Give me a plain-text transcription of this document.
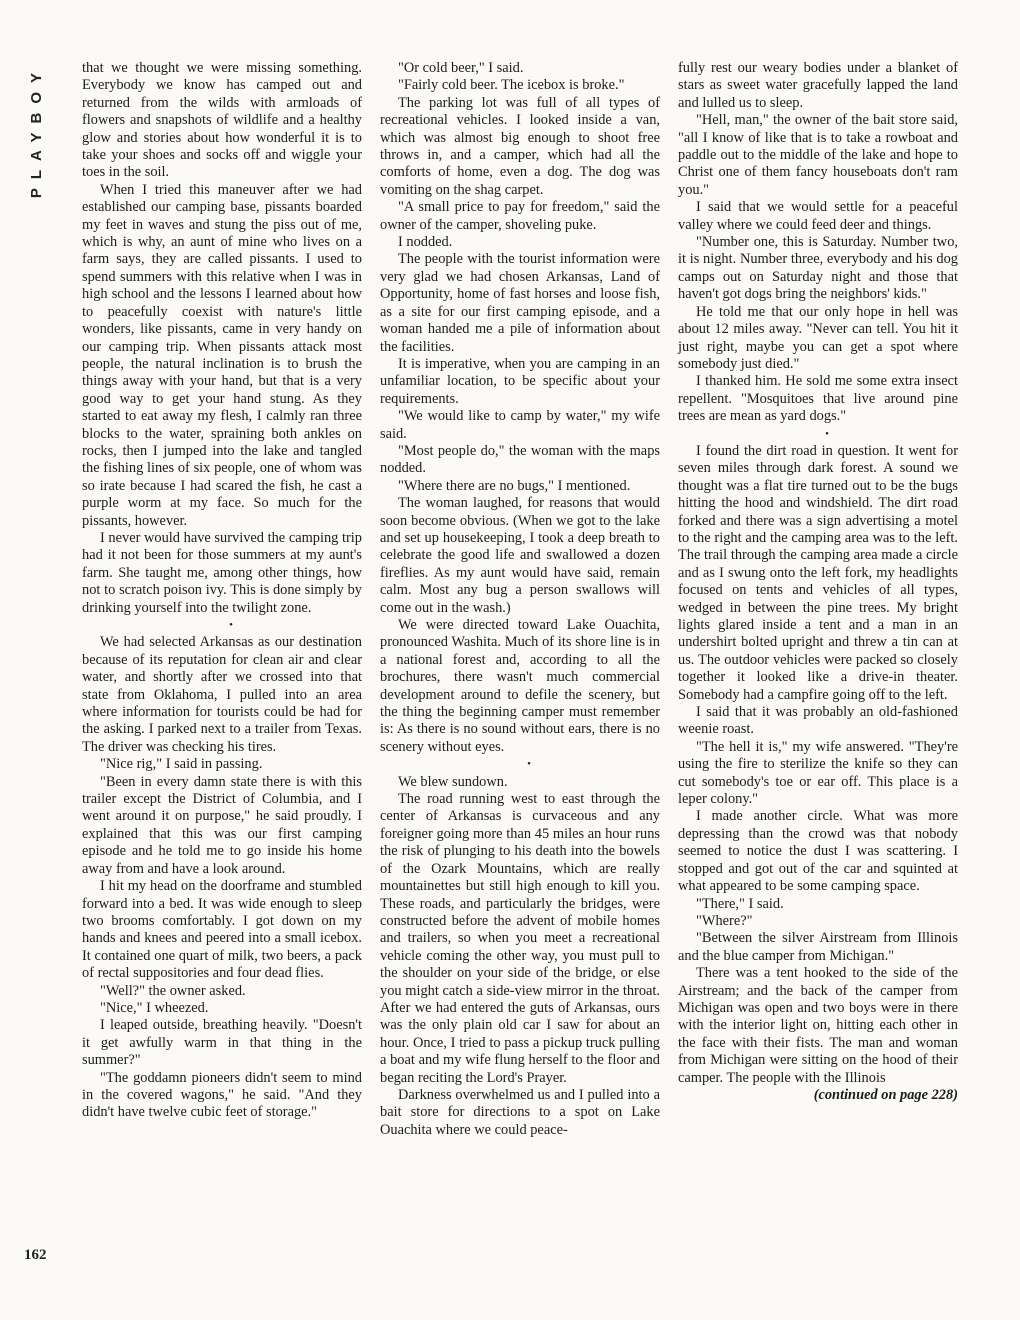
PLAYBOY
162

that we thought we were missing something. Everybody we know has camped out and returned from the wilds with armloads of flowers and snapshots of wildlife and a healthy glow and stories about how wonderful it is to take your shoes and socks off and wiggle your toes in the soil.

When I tried this maneuver after we had established our camping base, pissants boarded my feet in waves and stung the piss out of me, which is why, an aunt of mine who lives on a farm says, they are called pissants. I used to spend summers with this relative when I was in high school and the lessons I learned about how to peacefully coexist with nature's little wonders, like pissants, came in very handy on our camping trip. When pissants attack most people, the natural inclination is to brush the things away with your hand, but that is a very good way to get your hand stung. As they started to eat away my flesh, I calmly ran three blocks to the water, spraining both ankles on rocks, then I jumped into the lake and tangled the fishing lines of six people, one of whom was so irate because I had scared the fish, he cast a purple worm at my face. So much for the pissants, however.

I never would have survived the camping trip had it not been for those summers at my aunt's farm. She taught me, among other things, how not to scratch poison ivy. This is done simply by drinking yourself into the twilight zone.

•

We had selected Arkansas as our destination because of its reputation for clean air and clear water, and shortly after we crossed into that state from Oklahoma, I pulled into an area where information for tourists could be had for the asking. I parked next to a trailer from Texas. The driver was checking his tires.

"Nice rig," I said in passing.

"Been in every damn state there is with this trailer except the District of Columbia, and I went around it on purpose," he said proudly. I explained that this was our first camping episode and he told me to go inside his home away from and have a look around.

I hit my head on the doorframe and stumbled forward into a bed. It was wide enough to sleep two brooms comfortably. I got down on my hands and knees and peered into a small icebox. It contained one quart of milk, two beers, a pack of rectal suppositories and four dead flies.

"Well?" the owner asked.

"Nice," I wheezed.

I leaped outside, breathing heavily. "Doesn't it get awfully warm in that thing in the summer?"

"The goddamn pioneers didn't seem to mind in the covered wagons," he said. "And they didn't have twelve cubic feet of storage."

"Or cold beer," I said.

"Fairly cold beer. The icebox is broke."

The parking lot was full of all types of recreational vehicles. I looked inside a van, which was almost big enough to shoot free throws in, and a camper, which had all the comforts of home, even a dog. The dog was vomiting on the shag carpet.

"A small price to pay for freedom," said the owner of the camper, shoveling puke.

I nodded.

The people with the tourist information were very glad we had chosen Arkansas, Land of Opportunity, home of fast horses and loose fish, as a site for our first camping episode, and a woman handed me a pile of information about the facilities.

It is imperative, when you are camping in an unfamiliar location, to be specific about your requirements.

"We would like to camp by water," my wife said.

"Most people do," the woman with the maps nodded.

"Where there are no bugs," I mentioned.

The woman laughed, for reasons that would soon become obvious. (When we got to the lake and set up housekeeping, I took a deep breath to celebrate the good life and swallowed a dozen fireflies. As my aunt would have said, remain calm. Most any bug a person swallows will come out in the wash.)

We were directed toward Lake Ouachita, pronounced Washita. Much of its shore line is in a national forest and, according to all the brochures, there wasn't much commercial development around to defile the scenery, but the thing the beginning camper must remember is: As there is no sound without ears, there is no scenery without eyes.

•

We blew sundown.

The road running west to east through the center of Arkansas is curvaceous and any foreigner going more than 45 miles an hour runs the risk of plunging to his death into the bowels of the Ozark Mountains, which are really mountainettes but still high enough to kill you. These roads, and particularly the bridges, were constructed before the advent of mobile homes and trailers, so when you meet a recreational vehicle coming the other way, you must pull to the shoulder on your side of the bridge, or else you might catch a side-view mirror in the throat. After we had entered the guts of Arkansas, ours was the only plain old car I saw for about an hour. Once, I tried to pass a pickup truck pulling a boat and my wife flung herself to the floor and began reciting the Lord's Prayer.

Darkness overwhelmed us and I pulled into a bait store for directions to a spot on Lake Ouachita where we could peace-

fully rest our weary bodies under a blanket of stars as sweet water gracefully lapped the land and lulled us to sleep.

"Hell, man," the owner of the bait store said, "all I know of like that is to take a rowboat and paddle out to the middle of the lake and hope to Christ one of them fancy houseboats don't ram you."

I said that we would settle for a peaceful valley where we could feed deer and things.

"Number one, this is Saturday. Number two, it is night. Number three, everybody and his dog camps out on Saturday night and those that haven't got dogs bring the neighbors' kids."

He told me that our only hope in hell was about 12 miles away. "Never can tell. You hit it just right, maybe you can get a spot where somebody just died."

I thanked him. He sold me some extra insect repellent. "Mosquitoes that live around pine trees are mean as yard dogs."

•

I found the dirt road in question. It went for seven miles through dark forest. A sound we thought was a flat tire turned out to be the bugs hitting the hood and windshield. The dirt road forked and there was a sign advertising a motel to the right and the camping area was to the left. The trail through the camping area made a circle and as I swung onto the left fork, my headlights focused on tents and vehicles of all types, wedged in between the pine trees. My bright lights glared inside a tent and a man in an undershirt bolted upright and threw a tin can at us. The outdoor vehicles were packed so closely together it looked like a drive-in theater. Somebody had a campfire going off to the left.

I said that it was probably an old-fashioned weenie roast.

"The hell it is," my wife answered. "They're using the fire to sterilize the knife so they can cut somebody's toe or ear off. This place is a leper colony."

I made another circle. What was more depressing than the crowd was that nobody seemed to notice the dust I was scattering. I stopped and got out of the car and squinted at what appeared to be some camping space.

"There," I said.

"Where?"

"Between the silver Airstream from Illinois and the blue camper from Michigan."

There was a tent hooked to the side of the Airstream; and the back of the camper from Michigan was open and two boys were in there with the interior light on, hitting each other in the face with their fists. The man and woman from Michigan were sitting on the hood of their camper. The people with the Illinois

(continued on page 228)
